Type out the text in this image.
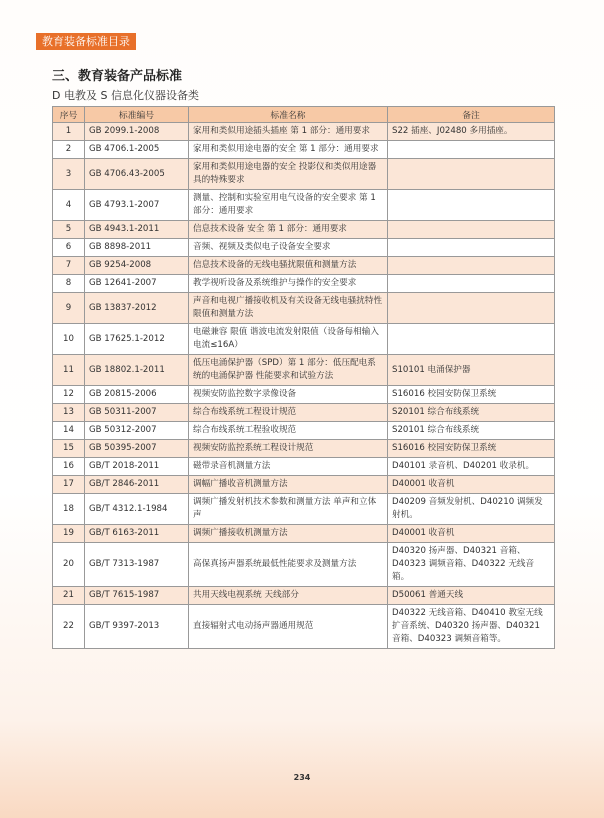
教育装备标准目录
三、教育装备产品标准
D 电教及 S 信息化仪器设备类
序号	标准编号	标准名称	备注
1	GB 2099.1-2008	家用和类似用途插头插座 第 1 部分：通用要求	S22 插座、J02480 多用插座。
2	GB 4706.1-2005	家用和类似用途电器的安全 第 1 部分：通用要求	
3	GB 4706.43-2005	家用和类似用途电器的安全 投影仪和类似用途器具的特殊要求	
4	GB 4793.1-2007	测量、控制和实验室用电气设备的安全要求 第 1 部分：通用要求	
5	GB 4943.1-2011	信息技术设备 安全 第 1 部分：通用要求	
6	GB 8898-2011	音频、视频及类似电子设备安全要求	
7	GB 9254-2008	信息技术设备的无线电骚扰限值和测量方法	
8	GB 12641-2007	教学视听设备及系统维护与操作的安全要求	
9	GB 13837-2012	声音和电视广播接收机及有关设备无线电骚扰特性限值和测量方法	
10	GB 17625.1-2012	电磁兼容 限值 谐波电流发射限值（设备每相输入电流≤16A）	
11	GB 18802.1-2011	低压电涌保护器（SPD）第 1 部分：低压配电系统的电涌保护器 性能要求和试验方法	S10101 电涌保护器
12	GB 20815-2006	视频安防监控数字录像设备	S16016 校园安防保卫系统
13	GB 50311-2007	综合布线系统工程设计规范	S20101 综合布线系统
14	GB 50312-2007	综合布线系统工程验收规范	S20101 综合布线系统
15	GB 50395-2007	视频安防监控系统工程设计规范	S16016 校园安防保卫系统
16	GB/T 2018-2011	磁带录音机测量方法	D40101 录音机、D40201 收录机。
17	GB/T 2846-2011	调幅广播收音机测量方法	D40001 收音机
18	GB/T 4312.1-1984	调频广播发射机技术参数和测量方法 单声和立体声	D40209 音频发射机、D40210 调频发射机。
19	GB/T 6163-2011	调频广播接收机测量方法	D40001 收音机
20	GB/T 7313-1987	高保真扬声器系统最低性能要求及测量方法	D40320 扬声器、D40321 音箱、D40323 调频音箱、D40322 无线音箱。
21	GB/T 7615-1987	共用天线电视系统 天线部分	D50061 普通天线
22	GB/T 9397-2013	直接辐射式电动扬声器通用规范	D40322 无线音箱、D40410 教室无线扩音系统、D40320 扬声器、D40321 音箱、D40323 调频音箱等。
234
